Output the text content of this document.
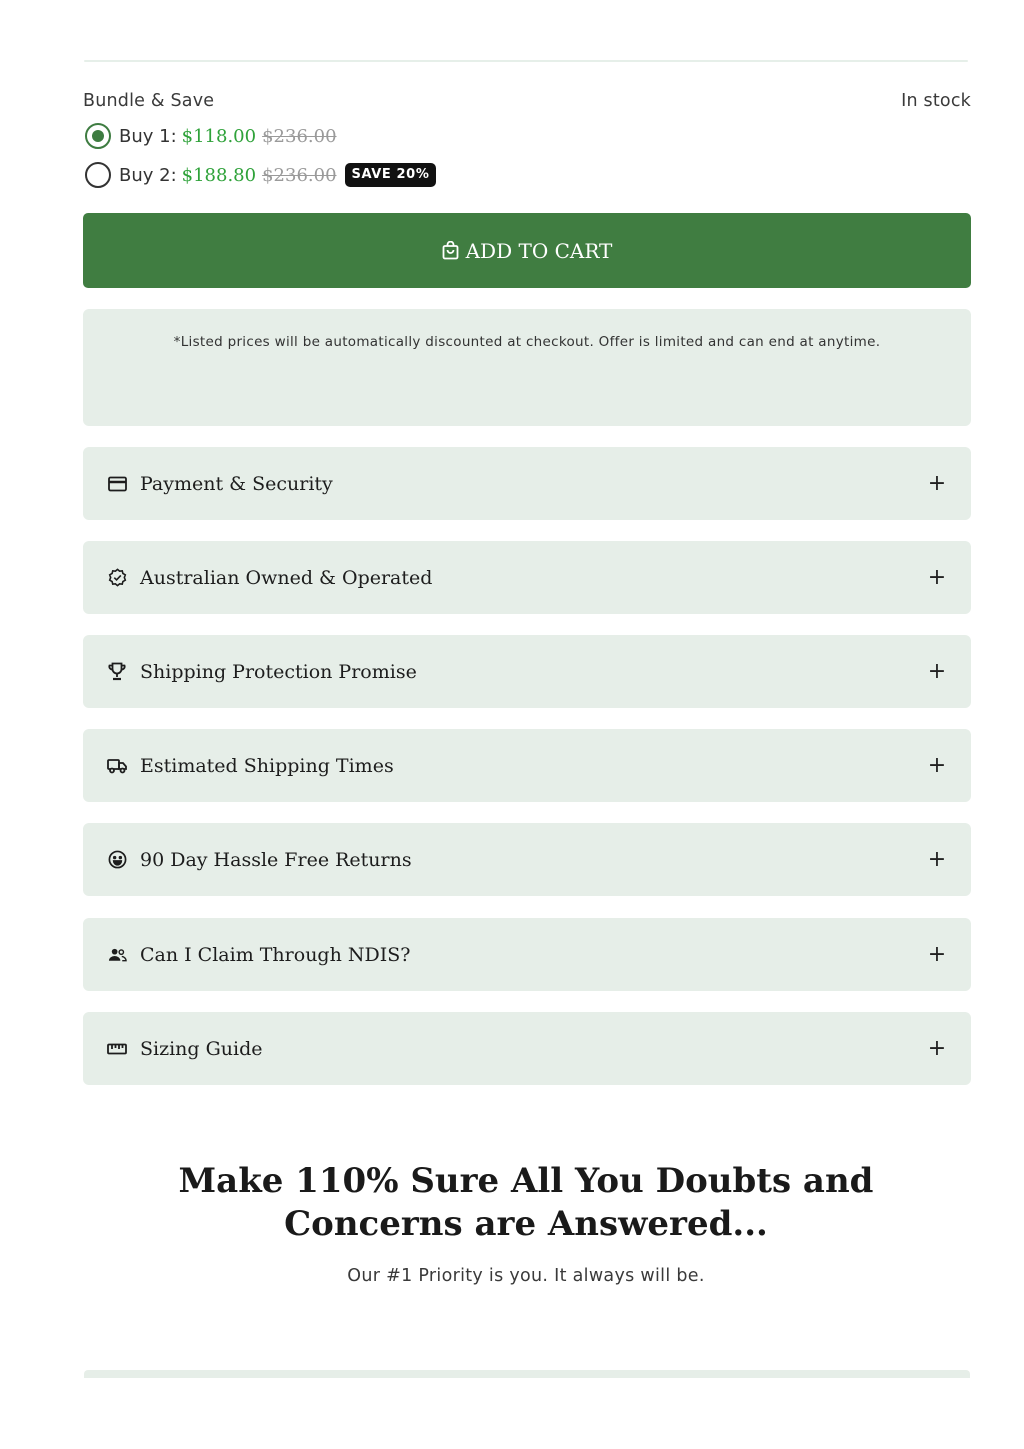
Bundle & Save	In stock
Buy 1: $118.00 $236.00
Buy 2: $188.80 $236.00	SAVE 20%
ADD TO CART
*Listed prices will be automatically discounted at checkout. Offer is limited and can end at anytime.
Payment & Security	+
Australian Owned & Operated	+
Shipping Protection Promise	+
Estimated Shipping Times	+
90 Day Hassle Free Returns	+
Can I Claim Through NDIS?	+
Sizing Guide	+
Make 110% Sure All You Doubts and Concerns are Answered...

Our #1 Priority is you. It always will be.
